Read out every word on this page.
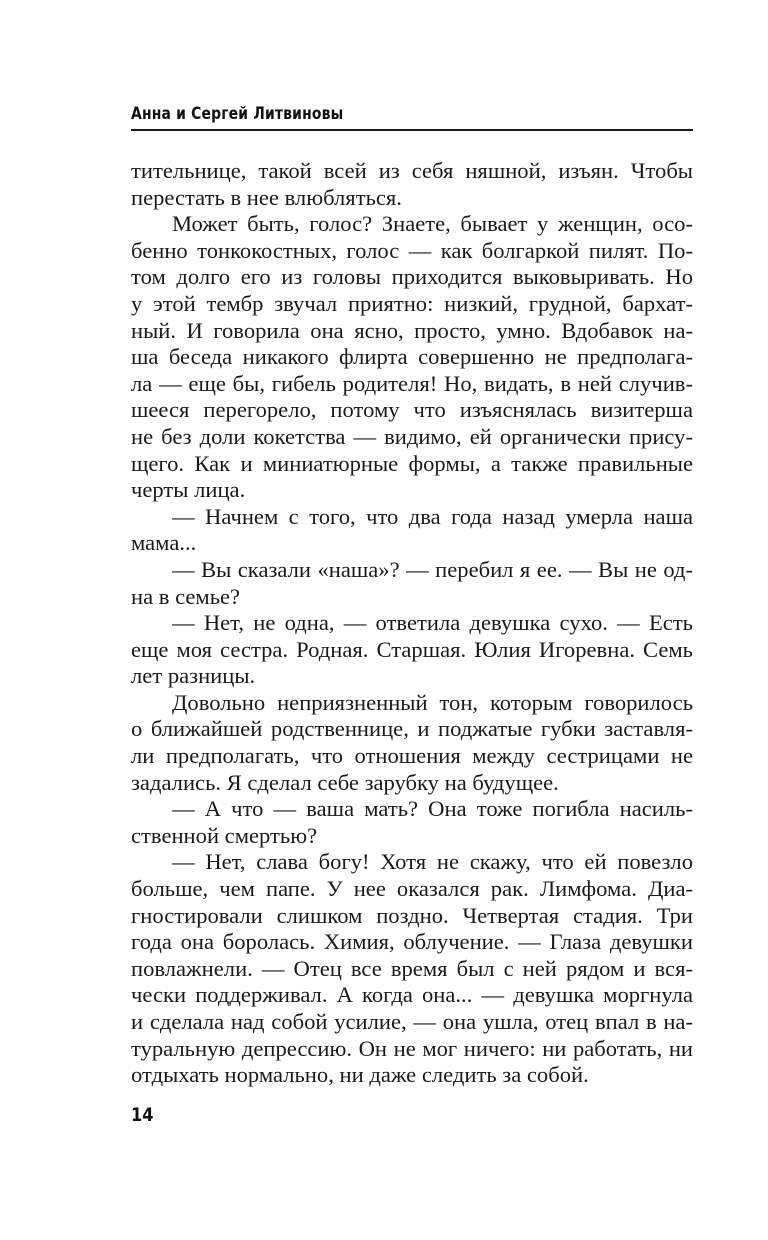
Анна и Сергей Литвиновы
тительнице, такой всей из себя няшной, изъян. Чтобы
перестать в нее влюбляться.
Может быть, голос? Знаете, бывает у женщин, осо-
бенно тонкокостных, голос — как болгаркой пилят. По-
том долго его из головы приходится выковыривать. Но
у этой тембр звучал приятно: низкий, грудной, бархат-
ный. И говорила она ясно, просто, умно. Вдобавок на-
ша беседа никакого флирта совершенно не предполага-
ла — еще бы, гибель родителя! Но, видать, в ней случив-
шееся перегорело, потому что изъяснялась визитерша
не без доли кокетства — видимо, ей органически прису-
щего. Как и миниатюрные формы, а также правильные
черты лица.
— Начнем с того, что два года назад умерла наша
мама...
— Вы сказали «наша»? — перебил я ее. — Вы не од-
на в семье?
— Нет, не одна, — ответила девушка сухо. — Есть
еще моя сестра. Родная. Старшая. Юлия Игоревна. Семь
лет разницы.
Довольно неприязненный тон, которым говорилось
о ближайшей родственнице, и поджатые губки заставля-
ли предполагать, что отношения между сестрицами не
задались. Я сделал себе зарубку на будущее.
— А что — ваша мать? Она тоже погибла насиль-
ственной смертью?
— Нет, слава богу! Хотя не скажу, что ей повезло
больше, чем папе. У нее оказался рак. Лимфома. Диа-
гностировали слишком поздно. Четвертая стадия. Три
года она боролась. Химия, облучение. — Глаза девушки
повлажнели. — Отец все время был с ней рядом и вся-
чески поддерживал. А когда она... — девушка моргнула
и сделала над собой усилие, — она ушла, отец впал в на-
туральную депрессию. Он не мог ничего: ни работать, ни
отдыхать нормально, ни даже следить за собой.
14
